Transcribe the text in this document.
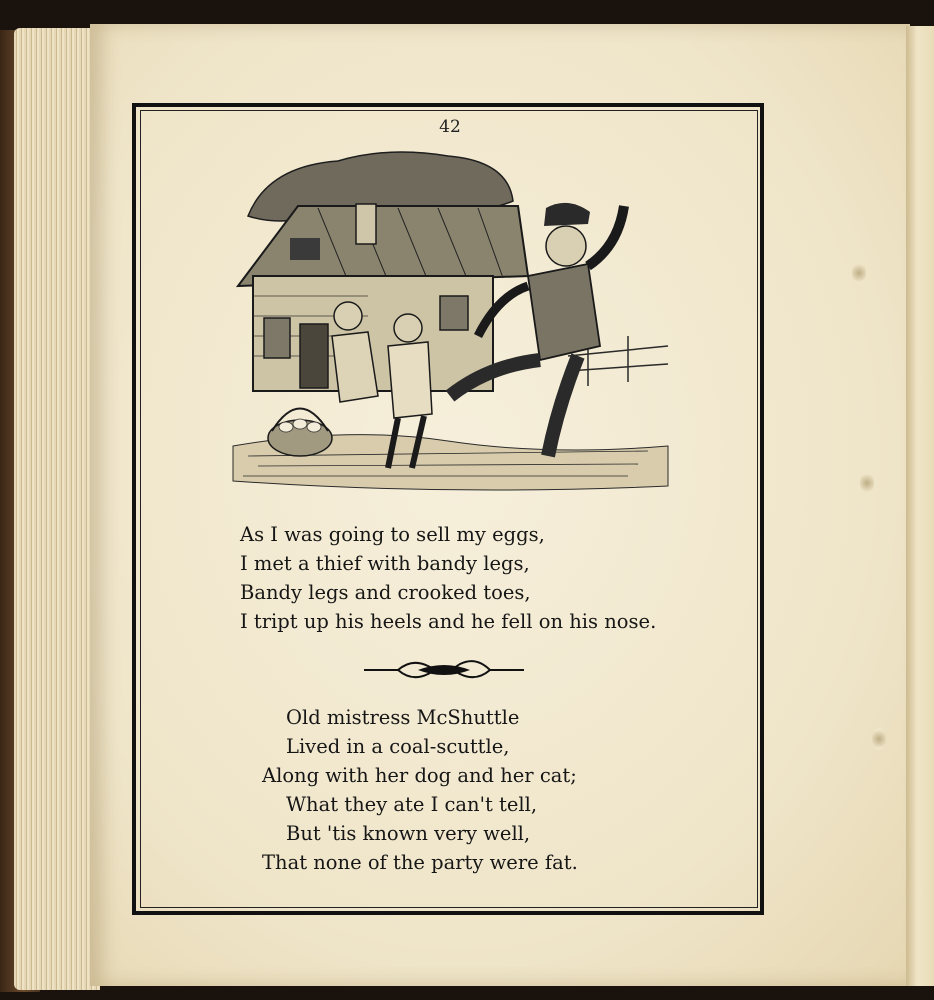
42
As I was going to sell my eggs,
I met a thief with bandy legs,
Bandy legs and crooked toes,
I tript up his heels and he fell on his nose.
Old mistress McShuttle
Lived in a coal-scuttle,
Along with her dog and her cat;
What they ate I can't tell,
But 'tis known very well,
That none of the party were fat.
